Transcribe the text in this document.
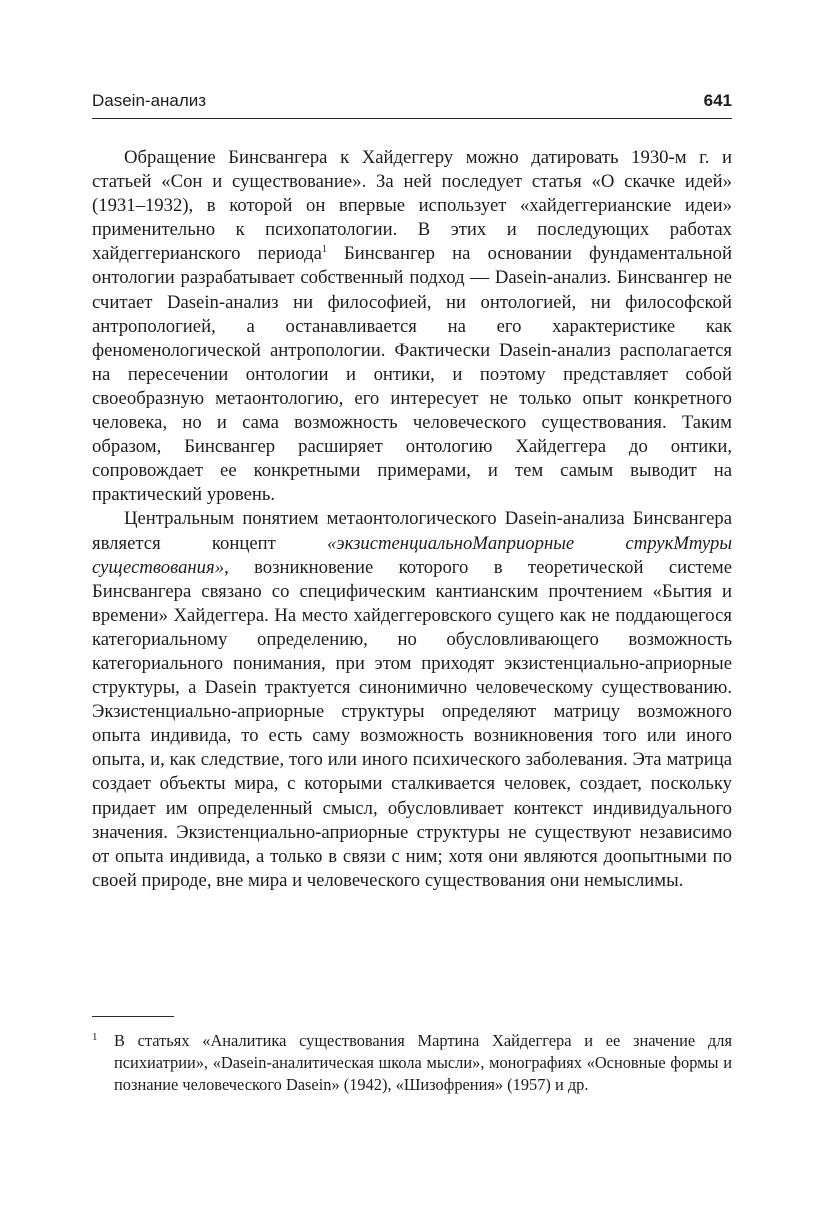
Dasein-анализ	641

Обращение Бинсвангера к Хайдеггеру можно датировать 1930-м г. и статьей «Сон и существование». За ней последует статья «О скачке идей» (1931–1932), в которой он впервые использует «хайдеггерианские идеи» применительно к психопатологии. В этих и последующих работах хайдеггерианского периода$^1$ Бинсвангер на основании фундаментальной онтологии разрабатывает собственный подход — Dasein-анализ. Бинсвангер не считает Dasein-анализ ни философией, ни онтологией, ни философской антропологией, а останавливается на его характеристике как феноменологической антропологии. Фактически Dasein-анализ располагается на пересечении онтологии и онтики, и поэтому представляет собой своеобразную метаонтологию, его интересует не только опыт конкретного человека, но и сама возможность человеческого существования. Таким образом, Бинсвангер расширяет онтологию Хайдеггера до онтики, сопровождает ее конкретными примерами, и тем самым выводит на практический уровень.

Центральным понятием метаонтологического Dasein-анализа Бинсвангера является концепт «экзистенциальноMаприорные струкMтуры существования», возникновение которого в теоретической системе Бинсвангера связано со специфическим кантианским прочтением «Бытия и времени» Хайдеггера. На место хайдеггеровского сущего как не поддающегося категориальному определению, но обусловливающего возможность категориального понимания, при этом приходят экзистенциально-априорные структуры, а Dasein трактуется синонимично человеческому существованию. Экзистенциально-априорные структуры определяют матрицу возможного опыта индивида, то есть саму возможность возникновения того или иного опыта, и, как следствие, того или иного психического заболевания. Эта матрица создает объекты мира, с которыми сталкивается человек, создает, поскольку придает им определенный смысл, обусловливает контекст индивидуального значения. Экзистенциально-априорные структуры не существуют независимо от опыта индивида, а только в связи с ним; хотя они являются доопытными по своей природе, вне мира и человеческого существования они немыслимы.

1	В статьях «Аналитика существования Мартина Хайдеггера и ее значение для психиатрии», «Dasein-аналитическая школа мысли», монографиях «Основные формы и познание человеческого Dasein» (1942), «Шизофрения» (1957) и др.
